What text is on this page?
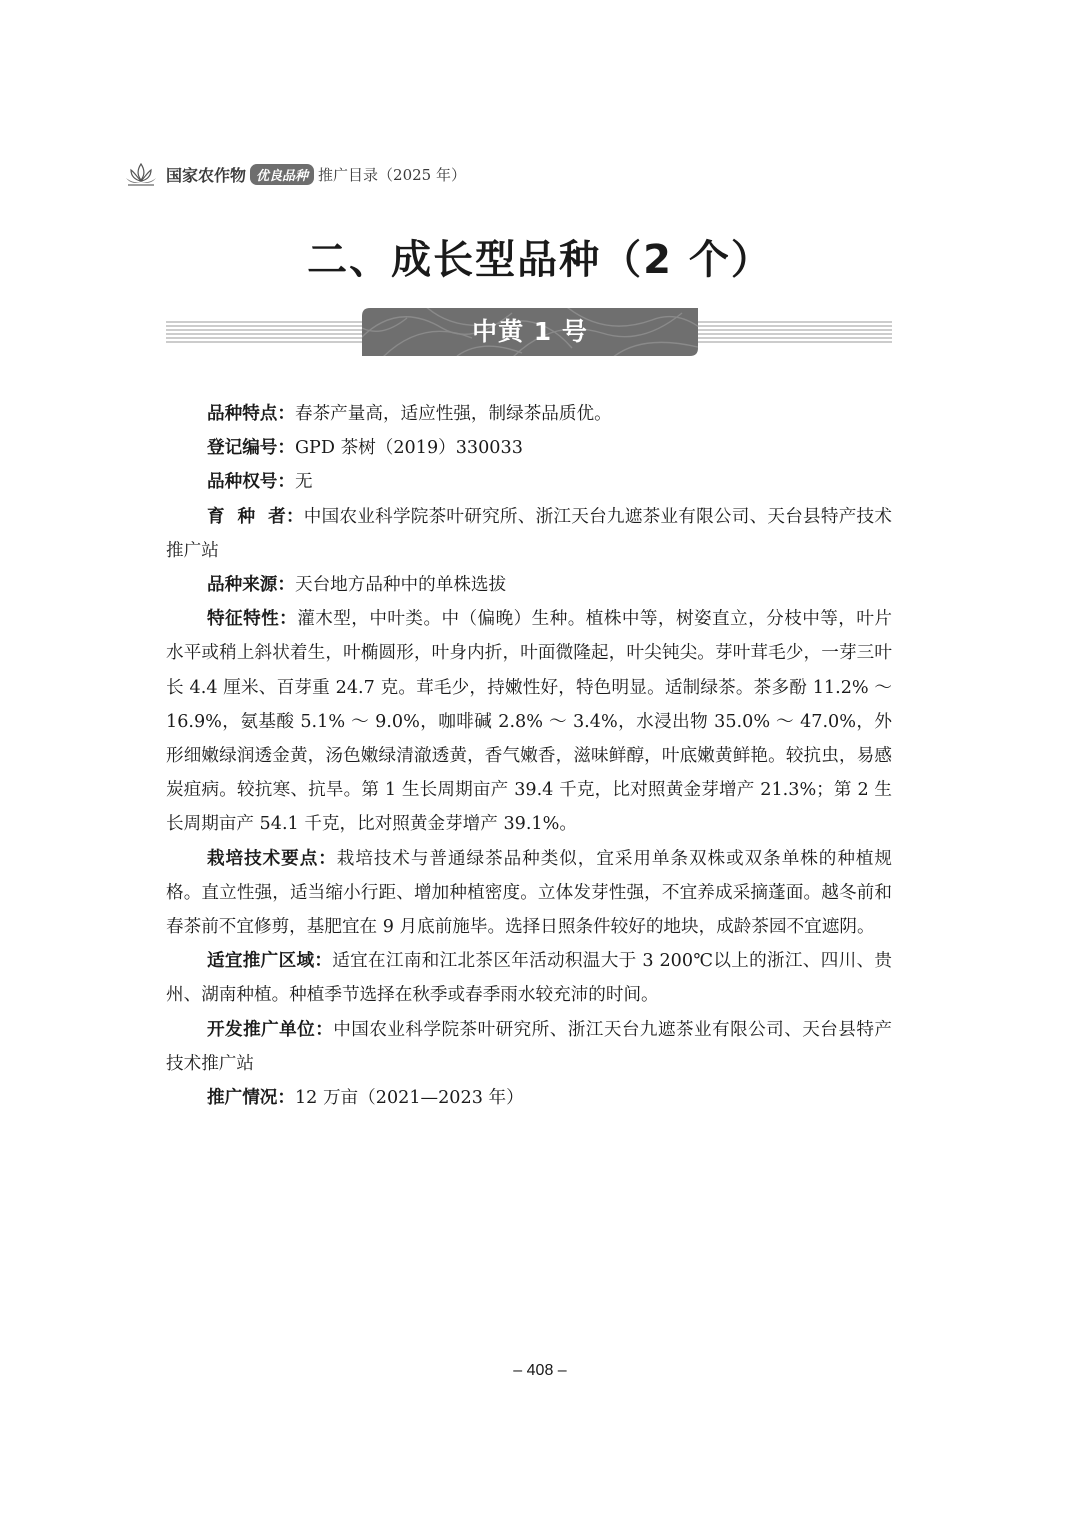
国家农作物 优良品种 推广目录（2025 年）
二、成长型品种（2 个）
中黄 1 号

品种特点：春茶产量高，适应性强，制绿茶品质优。

登记编号：GPD 茶树（2019）330033

品种权号：无

育  种  者：中国农业科学院茶叶研究所、浙江天台九遮茶业有限公司、天台县特产技术推广站

品种来源：天台地方品种中的单株选拔

特征特性：灌木型，中叶类。中（偏晚）生种。植株中等，树姿直立，分枝中等，叶片水平或稍上斜状着生，叶椭圆形，叶身内折，叶面微隆起，叶尖钝尖。芽叶茸毛少，一芽三叶长 4.4 厘米、百芽重 24.7 克。茸毛少，持嫩性好，特色明显。适制绿茶。茶多酚 11.2% ～ 16.9%，氨基酸 5.1% ～ 9.0%，咖啡碱 2.8% ～ 3.4%，水浸出物 35.0% ～ 47.0%，外形细嫩绿润透金黄，汤色嫩绿清澈透黄，香气嫩香，滋味鲜醇，叶底嫩黄鲜艳。较抗虫，易感炭疽病。较抗寒、抗旱。第 1 生长周期亩产 39.4 千克，比对照黄金芽增产 21.3%；第 2 生长周期亩产 54.1 千克，比对照黄金芽增产 39.1%。

栽培技术要点：栽培技术与普通绿茶品种类似，宜采用单条双株或双条单株的种植规格。直立性强，适当缩小行距、增加种植密度。立体发芽性强，不宜养成采摘蓬面。越冬前和春茶前不宜修剪，基肥宜在 9 月底前施毕。选择日照条件较好的地块，成龄茶园不宜遮阴。

适宜推广区域：适宜在江南和江北茶区年活动积温大于 3 200℃以上的浙江、四川、贵州、湖南种植。种植季节选择在秋季或春季雨水较充沛的时间。

开发推广单位：中国农业科学院茶叶研究所、浙江天台九遮茶业有限公司、天台县特产技术推广站

推广情况：12 万亩（2021—2023 年）

– 408 –
